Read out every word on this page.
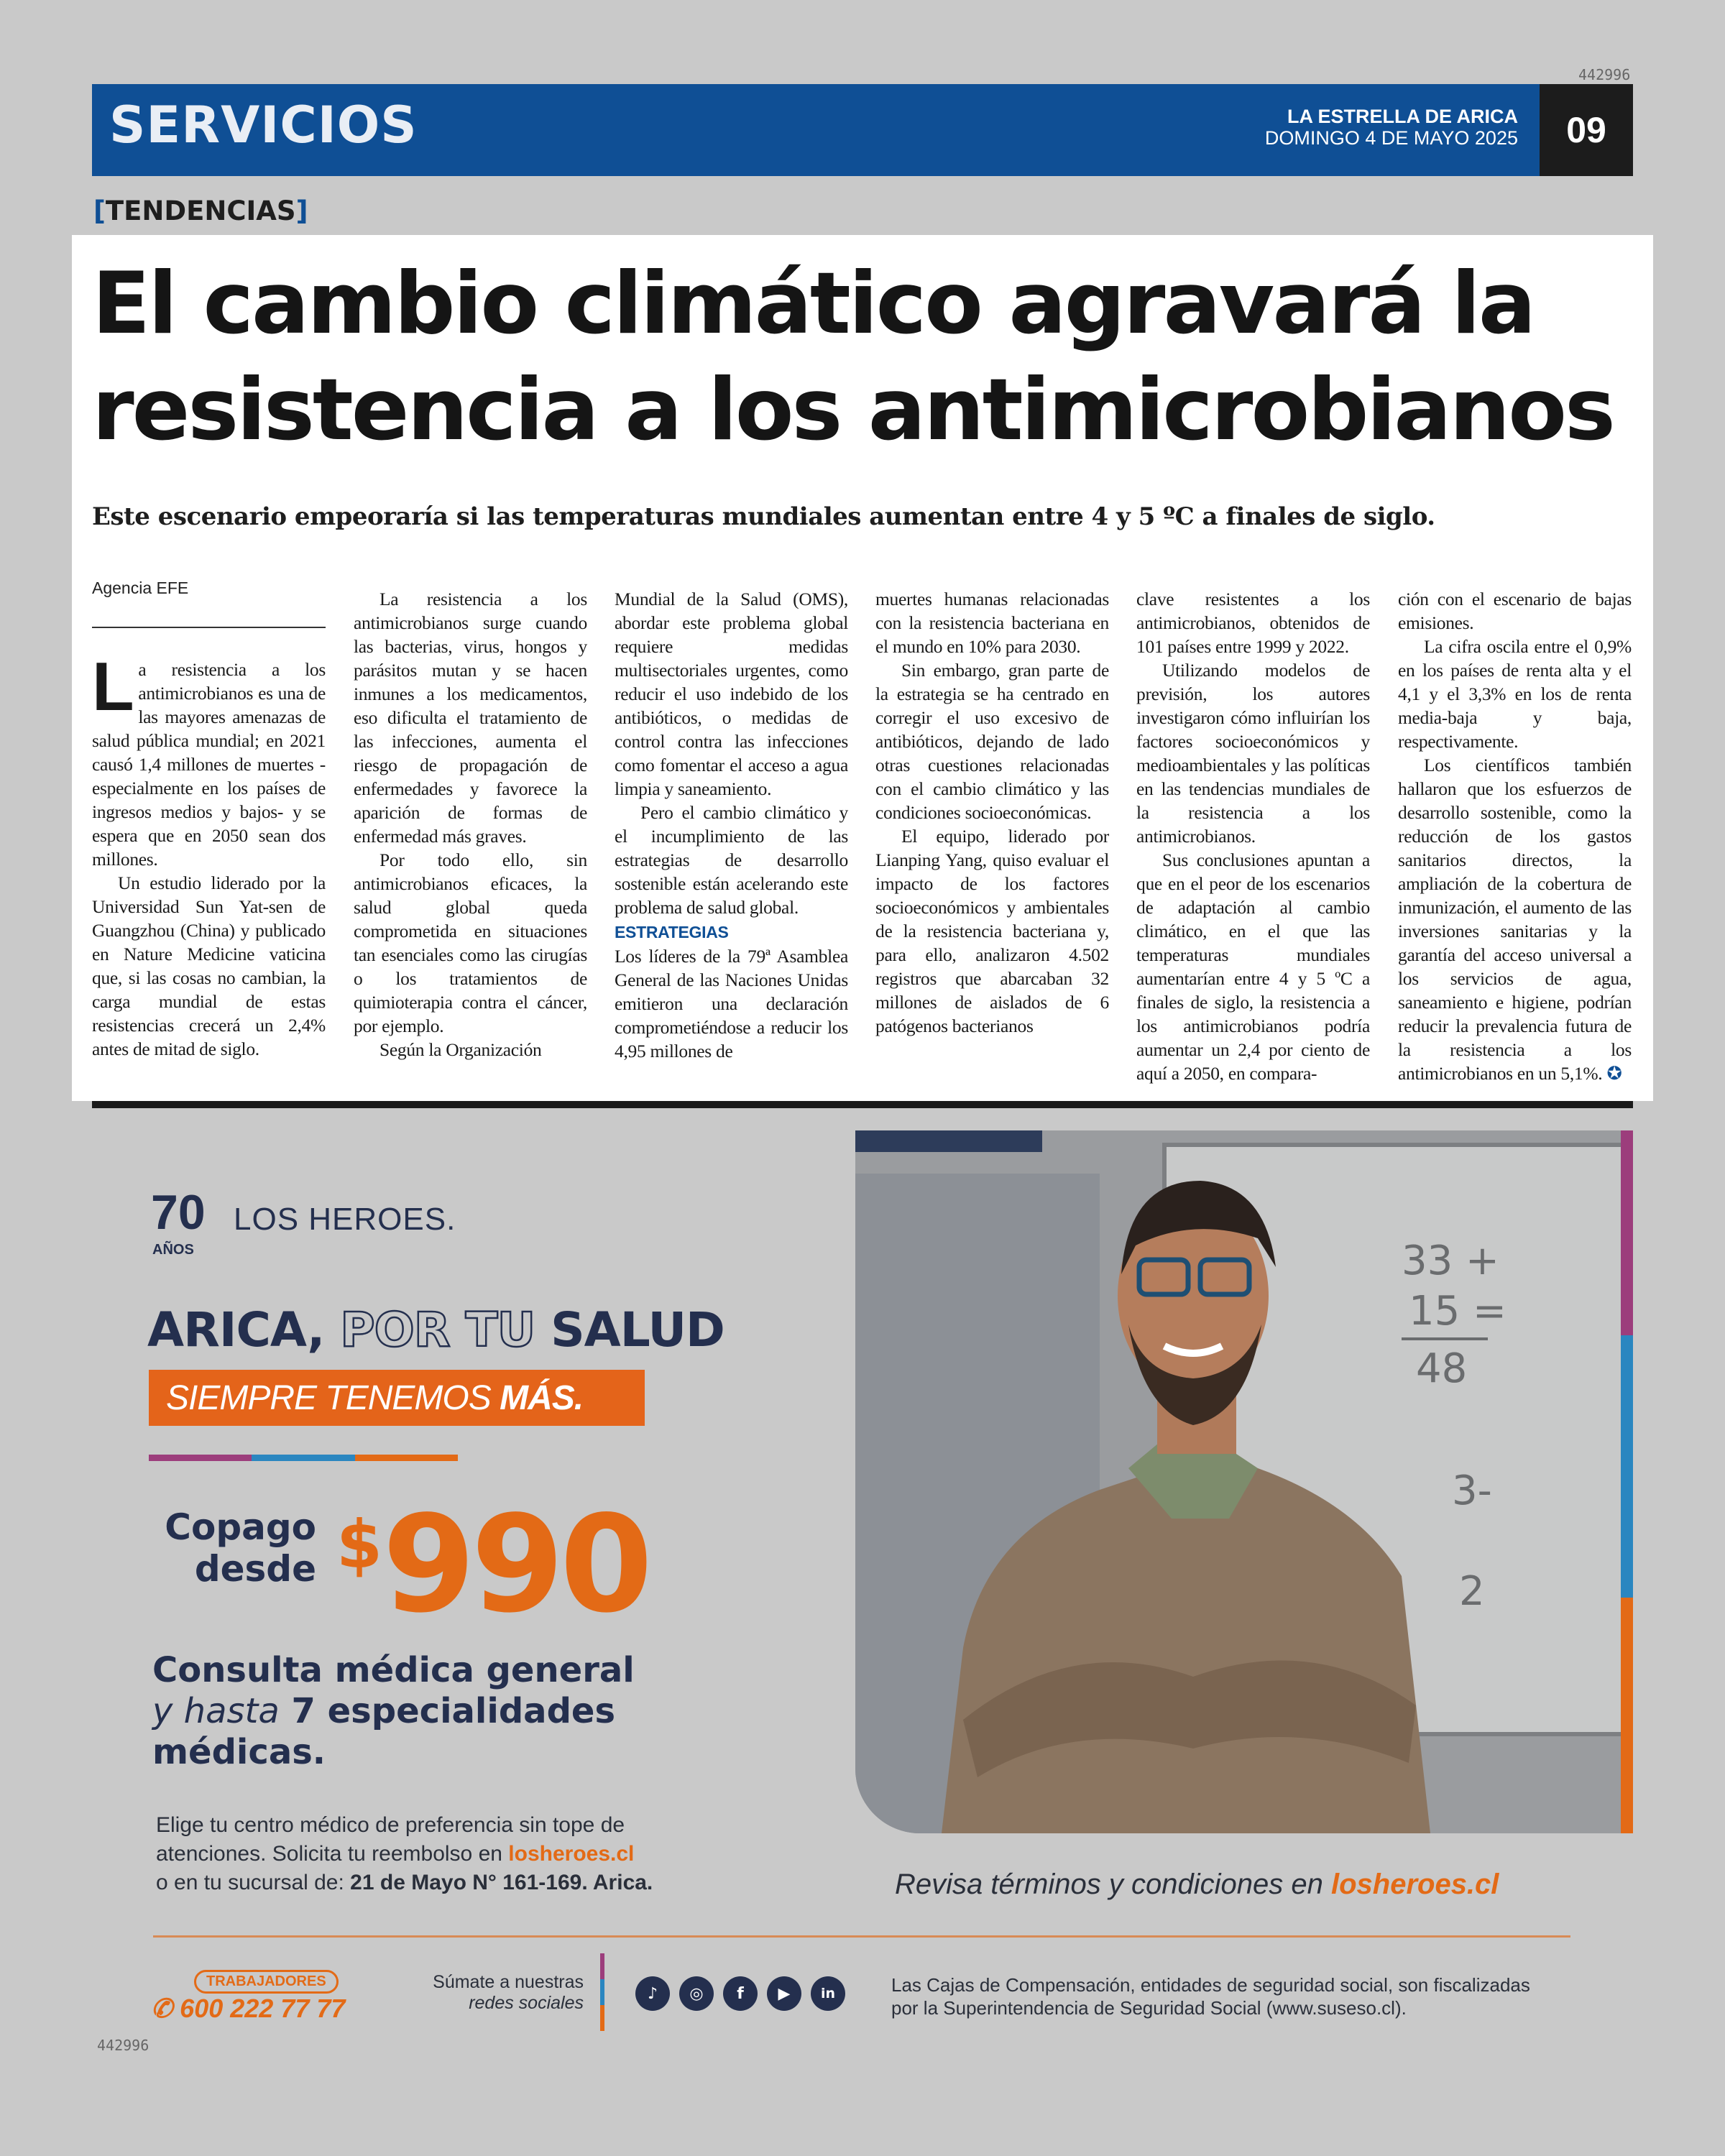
442996
SERVICIOS	LA ESTRELLA DE ARICA
DOMINGO 4 DE MAYO 2025	09
[TENDENCIAS]
El cambio climático agravará la
resistencia a los antimicrobianos
Este escenario empeoraría si las temperaturas mundiales aumentan entre 4 y 5 ºC a finales de siglo.
Agencia EFE

La resistencia a los antimicrobianos es una de las mayores amenazas de salud pública mundial; en 2021 causó 1,4 millones de muertes -especialmente en los países de ingresos medios y bajos- y se espera que en 2050 sean dos millones.

Un estudio liderado por la Universidad Sun Yat-sen de Guangzhou (China) y publicado en Nature Medicine vaticina que, si las cosas no cambian, la carga mundial de estas resistencias crecerá un 2,4% antes de mitad de siglo.

La resistencia a los antimicrobianos surge cuando las bacterias, virus, hongos y parásitos mutan y se hacen inmunes a los medicamentos, eso dificulta el tratamiento de las infecciones, aumenta el riesgo de propagación de enfermedades y favorece la aparición de formas de enfermedad más graves.

Por todo ello, sin antimicrobianos eficaces, la salud global queda comprometida en situaciones tan esenciales como las cirugías o los tratamientos de quimioterapia contra el cáncer, por ejemplo.

Según la Organización

Mundial de la Salud (OMS), abordar este problema global requiere medidas multisectoriales urgentes, como reducir el uso indebido de los antibióticos, o medidas de control contra las infecciones como fomentar el acceso a agua limpia y saneamiento.

Pero el cambio climático y el incumplimiento de las estrategias de desarrollo sostenible están acelerando este problema de salud global.

ESTRATEGIAS

Los líderes de la 79ª Asamblea General de las Naciones Unidas emitieron una declaración comprometiéndose a reducir los 4,95 millones de

muertes humanas relacionadas con la resistencia bacteriana en el mundo en 10% para 2030.

Sin embargo, gran parte de la estrategia se ha centrado en corregir el uso excesivo de antibióticos, dejando de lado otras cuestiones relacionadas con el cambio climático y las condiciones socioeconómicas.

El equipo, liderado por Lianping Yang, quiso evaluar el impacto de los factores socioeconómicos y ambientales de la resistencia bacteriana y, para ello, analizaron 4.502 registros que abarcaban 32 millones de aislados de 6 patógenos bacterianos

clave resistentes a los antimicrobianos, obtenidos de 101 países entre 1999 y 2022.

Utilizando modelos de previsión, los autores investigaron cómo influirían los factores socioeconómicos y medioambientales y las políticas en las tendencias mundiales de la resistencia a los antimicrobianos.

Sus conclusiones apuntan a que en el peor de los escenarios de adaptación al cambio climático, en el que las temperaturas mundiales aumentarían entre 4 y 5 ºC a finales de siglo, la resistencia a los antimicrobianos podría aumentar un 2,4 por ciento de aquí a 2050, en compara-

ción con el escenario de bajas emisiones.

La cifra oscila entre el 0,9% en los países de renta alta y el 4,1 y el 3,3% en los de renta media-baja y baja, respectivamente.

Los científicos también hallaron que los esfuerzos de desarrollo sostenible, como la reducción de los gastos sanitarios directos, la ampliación de la cobertura de inmunización, el aumento de las inversiones sanitarias y la garantía del acceso universal a los servicios de agua, saneamiento e higiene, podrían reducir la prevalencia futura de la resistencia a los antimicrobianos en un 5,1%. ✪

33 +
15 =
48
3-
2
70
AÑOS
LOS HEROES.
ARICA, POR TU SALUD
SIEMPRE TENEMOS MÁS.
Copago
desde $990
Consulta médica general
y hasta 7 especialidades
médicas.
Elige tu centro médico de preferencia sin tope de
atenciones. Solicita tu reembolso en losheroes.cl
o en tu sucursal de: 21 de Mayo N° 161-169. Arica.	Revisa términos y condiciones en losheroes.cl
TRABAJADORES
✆ 600 222 77 77
Súmate a nuestras
redes sociales	♪	◎	f	▶	in	Las Cajas de Compensación, entidades de seguridad social, son fiscalizadas
por la Superintendencia de Seguridad Social (www.suseso.cl).
442996
